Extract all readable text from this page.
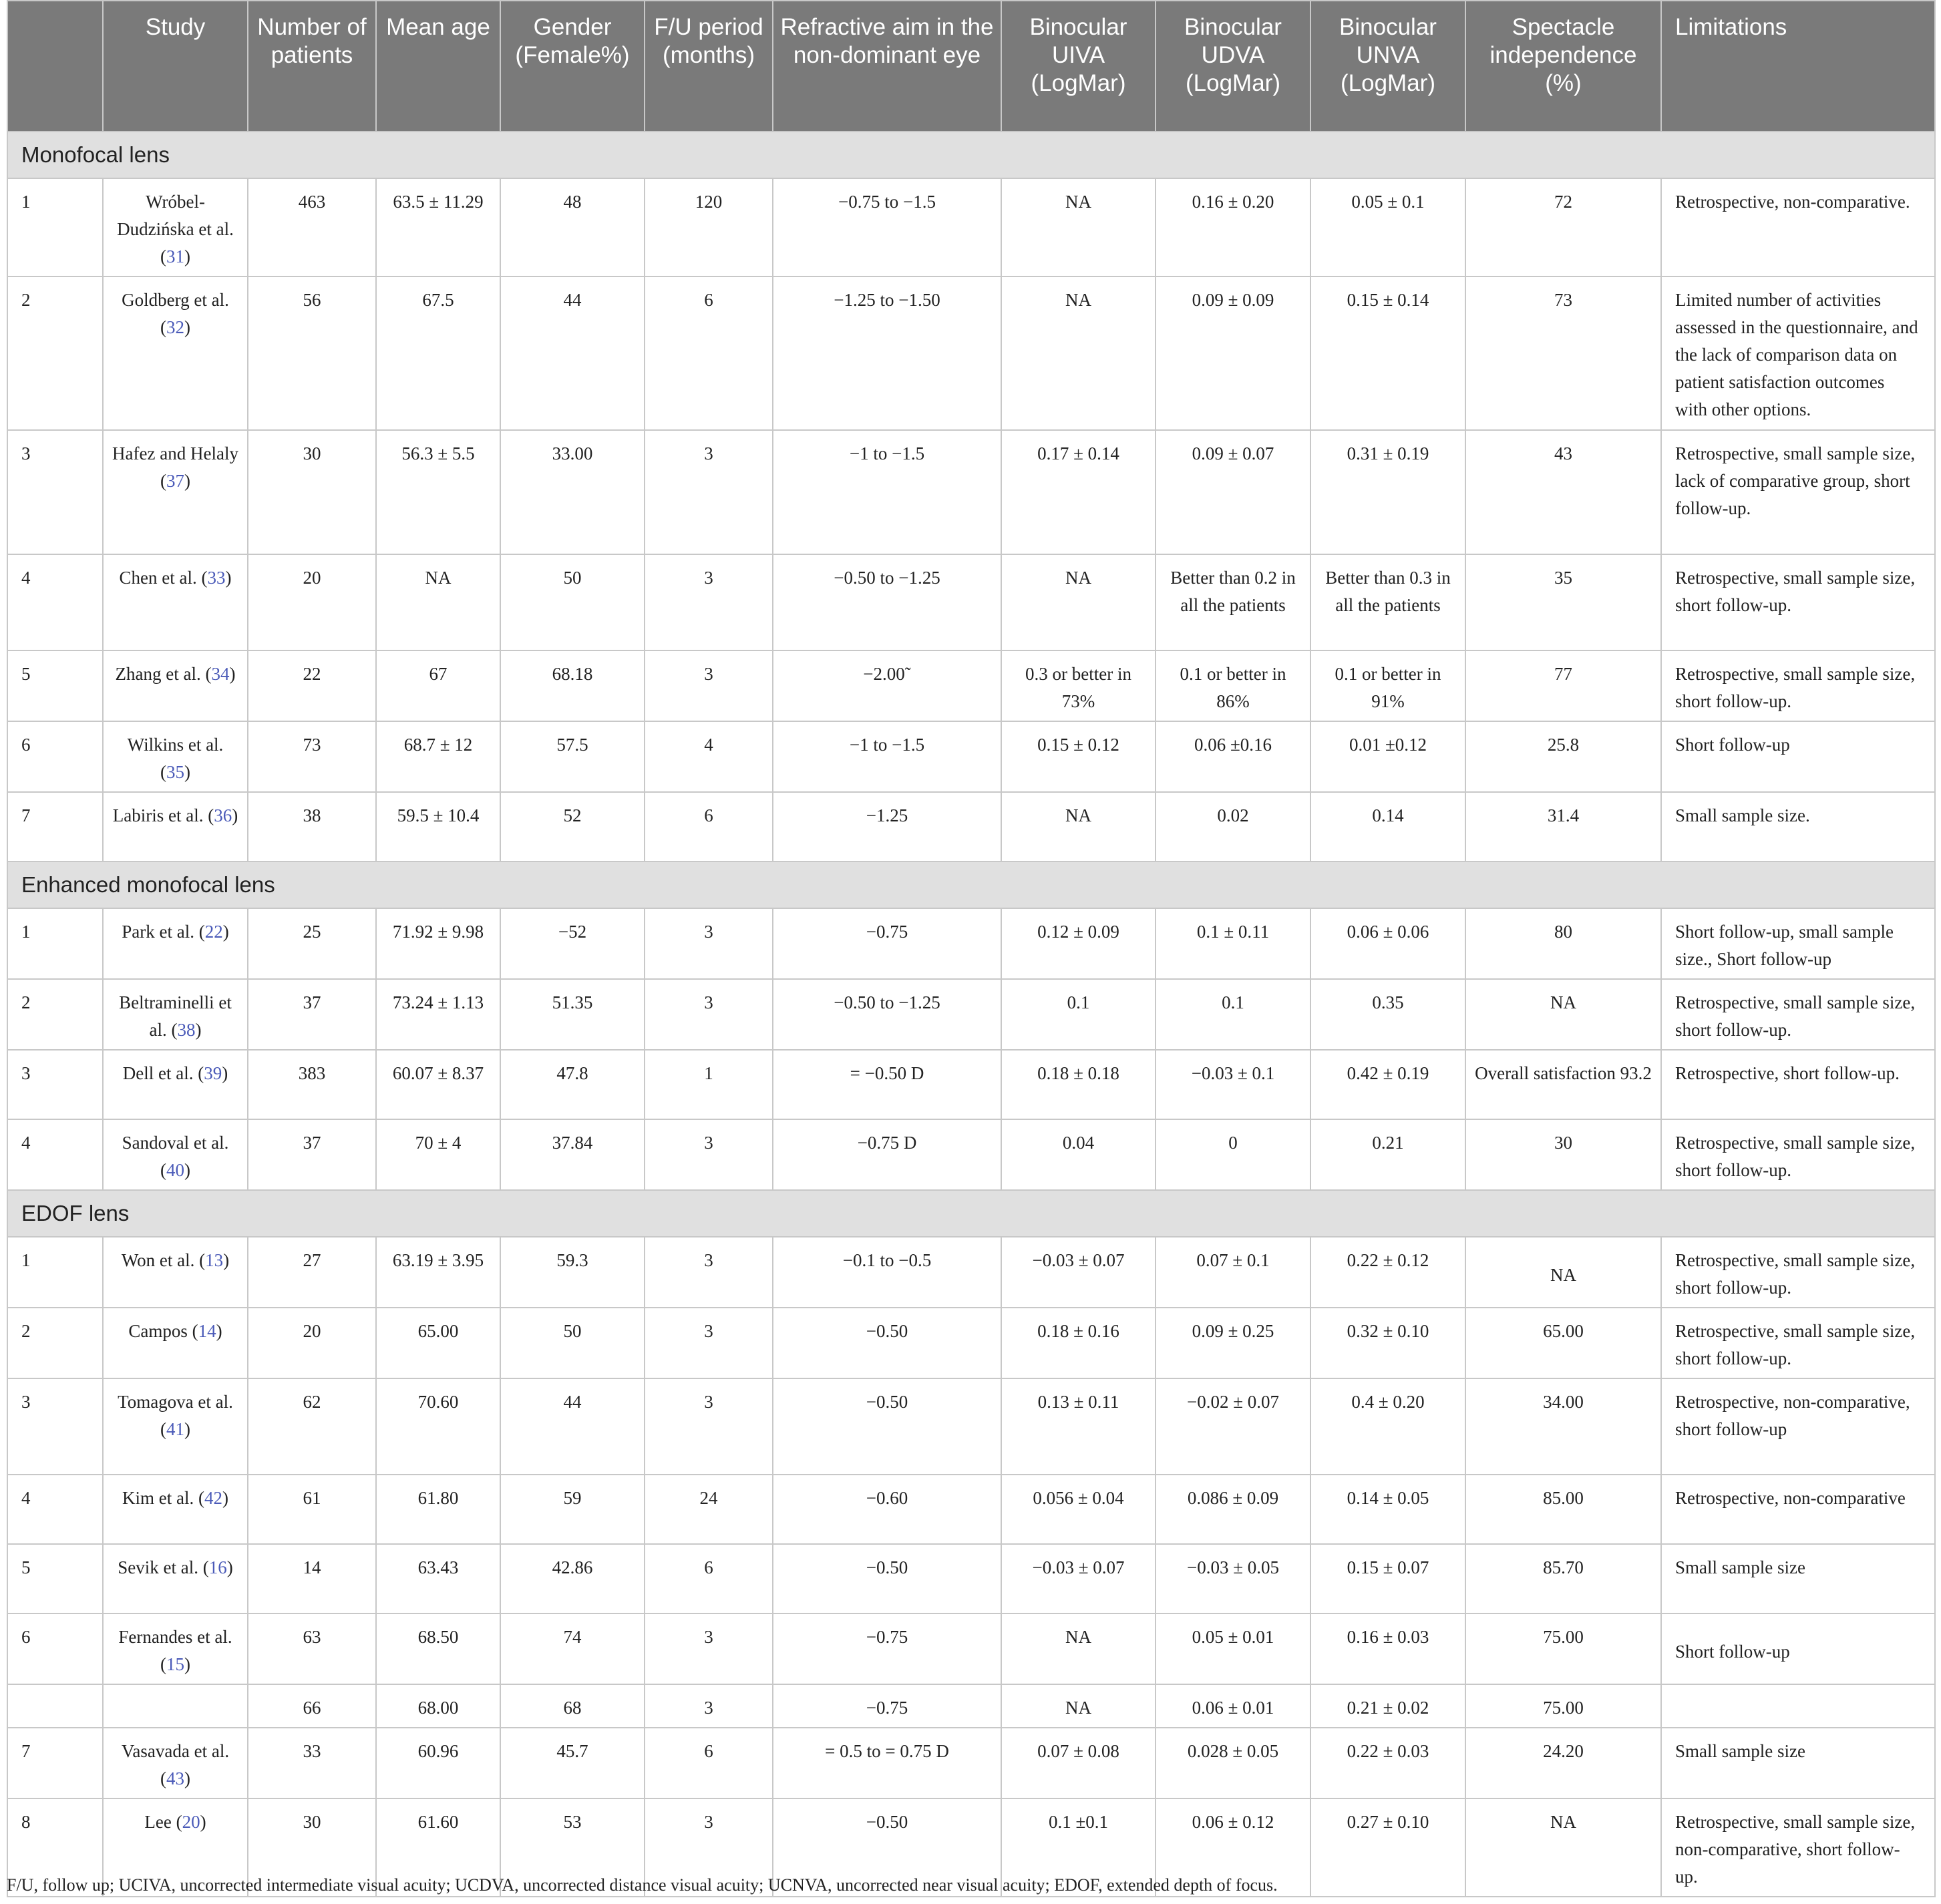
	Study	Number of patients	Mean age	Gender (Female%)	F/U period (months)	Refractive aim in the non-dominant eye	Binocular UIVA (LogMar)	Binocular UDVA (LogMar)	Binocular UNVA (LogMar)	Spectacle independence (%)	Limitations
Monofocal lens											
1	Wróbel-Dudzińska et al. (31)	463	63.5 ± 11.29	48	120	−0.75 to −1.5	NA	0.16 ± 0.20	0.05 ± 0.1	72	Retrospective, non-comparative.
2	Goldberg et al. (32)	56	67.5	44	6	−1.25 to −1.50	NA	0.09 ± 0.09	0.15 ± 0.14	73	Limited number of activities assessed in the questionnaire, and the lack of comparison data on patient satisfaction outcomes with other options.
3	Hafez and Helaly (37)	30	56.3 ± 5.5	33.00	3	−1 to −1.5	0.17 ± 0.14	0.09 ± 0.07	0.31 ± 0.19	43	Retrospective, small sample size, lack of comparative group, short follow-up.
4	Chen et al. (33)	20	NA	50	3	−0.50 to −1.25	NA	Better than 0.2 in all the patients	Better than 0.3 in all the patients	35	Retrospective, small sample size, short follow-up.
5	Zhang et al. (34)	22	67	68.18	3	−2.00˜	0.3 or better in 73%	0.1 or better in 86%	0.1 or better in 91%	77	Retrospective, small sample size, short follow-up.
6	Wilkins et al. (35)	73	68.7 ± 12	57.5	4	−1 to −1.5	0.15 ± 0.12	0.06 ±0.16	0.01 ±0.12	25.8	Short follow-up
7	Labiris et al. (36)	38	59.5 ± 10.4	52	6	−1.25	NA	0.02	0.14	31.4	Small sample size.
Enhanced monofocal lens											
1	Park et al. (22)	25	71.92 ± 9.98	−52	3	−0.75	0.12 ± 0.09	0.1 ± 0.11	0.06 ± 0.06	80	Short follow-up, small sample size., Short follow-up
2	Beltraminelli et al. (38)	37	73.24 ± 1.13	51.35	3	−0.50 to −1.25	0.1	0.1	0.35	NA	Retrospective, small sample size, short follow-up.
3	Dell et al. (39)	383	60.07 ± 8.37	47.8	1	= −0.50 D	0.18 ± 0.18	−0.03 ± 0.1	0.42 ± 0.19	Overall satisfaction 93.2	Retrospective, short follow-up.
4	Sandoval et al. (40)	37	70 ± 4	37.84	3	−0.75 D	0.04	0	0.21	30	Retrospective, small sample size, short follow-up.
EDOF lens											
1	Won et al. (13)	27	63.19 ± 3.95	59.3	3	−0.1 to −0.5	−0.03 ± 0.07	0.07 ± 0.1	0.22 ± 0.12	NA	Retrospective, small sample size, short follow-up.
2	Campos (14)	20	65.00	50	3	−0.50	0.18 ± 0.16	0.09 ± 0.25	0.32 ± 0.10	65.00	Retrospective, small sample size, short follow-up.
3	Tomagova et al. (41)	62	70.60	44	3	−0.50	0.13 ± 0.11	−0.02 ± 0.07	0.4 ± 0.20	34.00	Retrospective, non-comparative, short follow-up
4	Kim et al. (42)	61	61.80	59	24	−0.60	0.056 ± 0.04	0.086 ± 0.09	0.14 ± 0.05	85.00	Retrospective, non-comparative
5	Sevik et al. (16)	14	63.43	42.86	6	−0.50	−0.03 ± 0.07	−0.03 ± 0.05	0.15 ± 0.07	85.70	Small sample size
6	Fernandes et al. (15)	63	68.50	74	3	−0.75	NA	0.05 ± 0.01	0.16 ± 0.03	75.00	Short follow-up
		66	68.00	68	3	−0.75	NA	0.06 ± 0.01	0.21 ± 0.02	75.00	
7	Vasavada et al. (43)	33	60.96	45.7	6	= 0.5 to = 0.75 D	0.07 ± 0.08	0.028 ± 0.05	0.22 ± 0.03	24.20	Small sample size
8	Lee (20)	30	61.60	53	3	−0.50	0.1 ±0.1	0.06 ± 0.12	0.27 ± 0.10	NA	Retrospective, small sample size, non-comparative, short follow-up.
F/U, follow up; UCIVA, uncorrected intermediate visual acuity; UCDVA, uncorrected distance visual acuity; UCNVA, uncorrected near visual acuity; EDOF, extended depth of focus.
